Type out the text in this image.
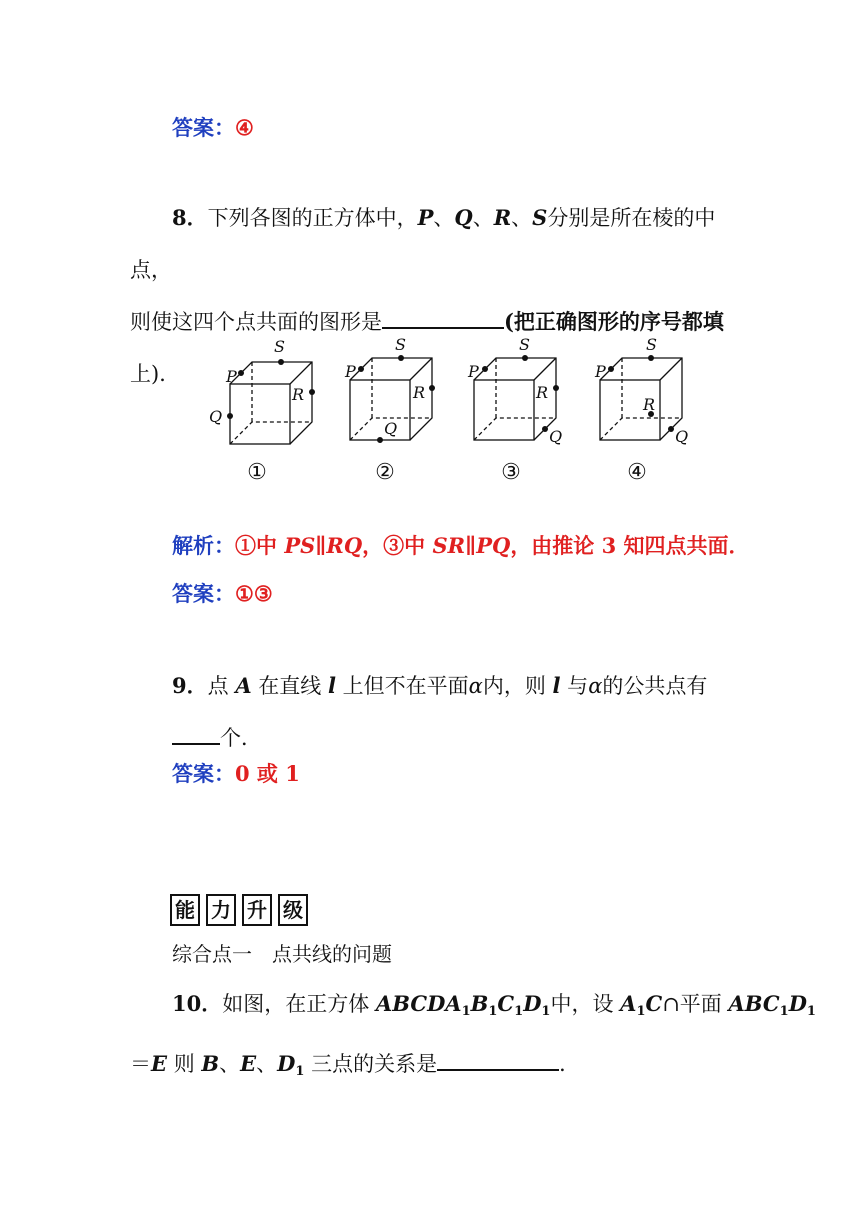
答案：④
8．下列各图的正方体中，P、Q、R、S分别是所在棱的中点，
则使这四个点共面的图形是	(把正确图形的序号都填
上)．	P
S
R
Q
P
S
R
Q
P
S
R
Q
P
S
R
Q
①	②	③	④
解析：①中 PS∥RQ，③中 SR∥PQ，由推论 3 知四点共面．
答案：①③
9．点 A 在直线 l 上但不在平面α内，则 l 与α的公共点有个．
答案：0 或 1
能 力 升 级
综合点一　点共线的问题
10．如图，在正方体 $ABCDA_1B_1C_1D_1$中，设 $A_1C\cap$平面 $ABC_1D_1$
＝E 则 B、E、$D_1$ 三点的关系是	．
